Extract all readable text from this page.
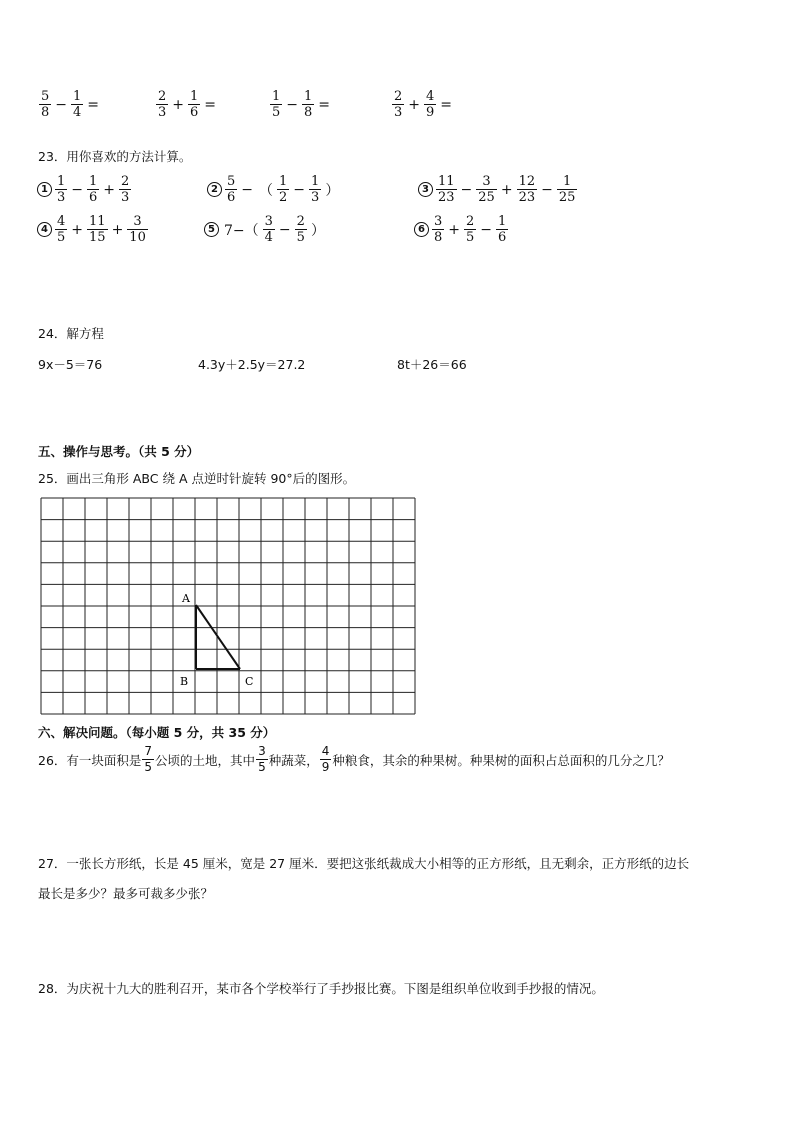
$\frac{5}{8} - \frac{1}{4}$ =	$\frac{2}{3} + \frac{1}{6}$ =	$\frac{1}{5} - \frac{1}{8}$ =	$\frac{2}{3} + \frac{4}{9}$ =
23．用你喜欢的方法计算。
$1 \frac{1}{3} - \frac{1}{6} + \frac{2}{3}$	$2 \frac{5}{6}$ − （ $\frac{1}{2} - \frac{1}{3}$ ）	$3 \frac{11}{23} - \frac{3}{25} + \frac{12}{23} - \frac{1}{25}$
$4 \frac{4}{5} + \frac{11}{15} + \frac{3}{10}$	5 $7-( \frac{3}{4} - \frac{2}{5}$ ）	$6 \frac{3}{8} + \frac{2}{5} - \frac{1}{6}$
24．解方程
9x－5＝76	4.3y＋2.5y＝27.2	8t＋26＝66
五、操作与思考。（共 5 分）
25．画出三角形 ABC 绕 A 点逆时针旋转 90°后的图形。
A
B	C
六、解决问题。（每小题 5 分，共 35 分）
26．有一块面积是 $\frac{7}{5}$ 公顷的土地，其中 $\frac{3}{5}$ 种蔬菜， $\frac{4}{9}$ 种粮食，其余的种果树。种果树的面积占总面积的几分之几？
27．一张长方形纸，长是 45 厘米，宽是 27 厘米．要把这张纸裁成大小相等的正方形纸，且无剩余，正方形纸的边长
最长是多少？最多可裁多少张？
28．为庆祝十九大的胜利召开，某市各个学校举行了手抄报比赛。下图是组织单位收到手抄报的情况。
